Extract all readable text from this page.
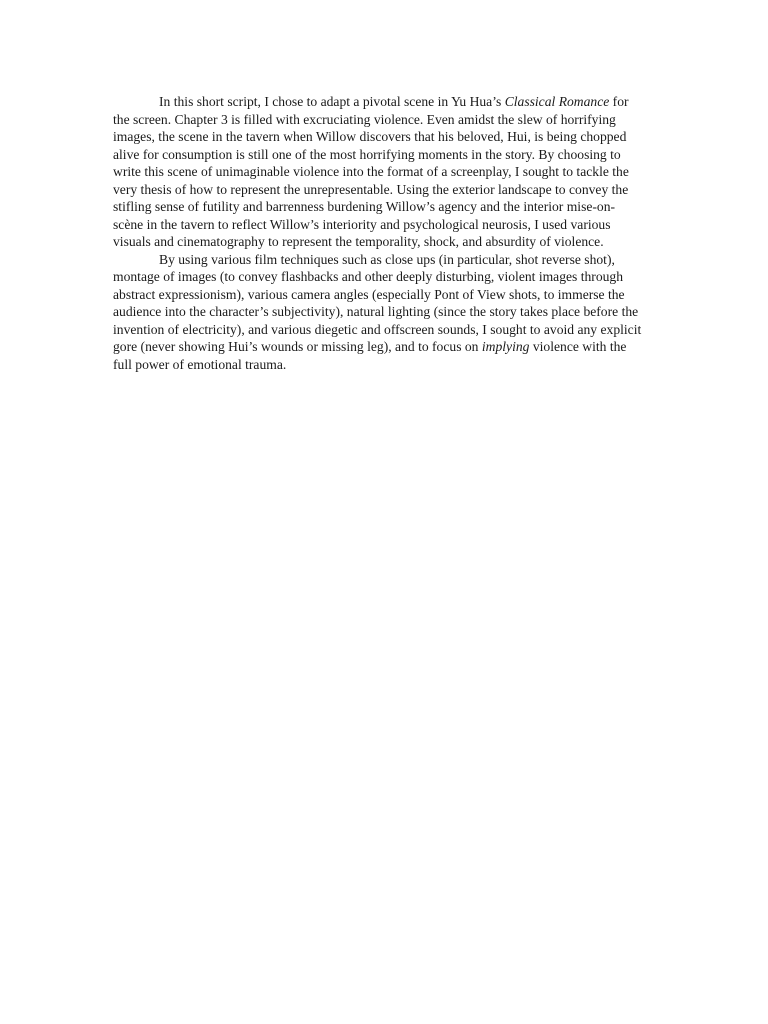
In this short script, I chose to adapt a pivotal scene in Yu Hua’s Classical Romance for the screen. Chapter 3 is filled with excruciating violence. Even amidst the slew of horrifying images, the scene in the tavern when Willow discovers that his beloved, Hui, is being chopped alive for consumption is still one of the most horrifying moments in the story. By choosing to write this scene of unimaginable violence into the format of a screenplay, I sought to tackle the very thesis of how to represent the unrepresentable. Using the exterior landscape to convey the stifling sense of futility and barrenness burdening Willow’s agency and the interior mise-on-scène in the tavern to reflect Willow’s interiority and psychological neurosis, I used various visuals and cinematography to represent the temporality, shock, and absurdity of violence.

By using various film techniques such as close ups (in particular, shot reverse shot), montage of images (to convey flashbacks and other deeply disturbing, violent images through abstract expressionism), various camera angles (especially Pont of View shots, to immerse the audience into the character’s subjectivity), natural lighting (since the story takes place before the invention of electricity), and various diegetic and offscreen sounds, I sought to avoid any explicit gore (never showing Hui’s wounds or missing leg), and to focus on implying violence with the full power of emotional trauma.
